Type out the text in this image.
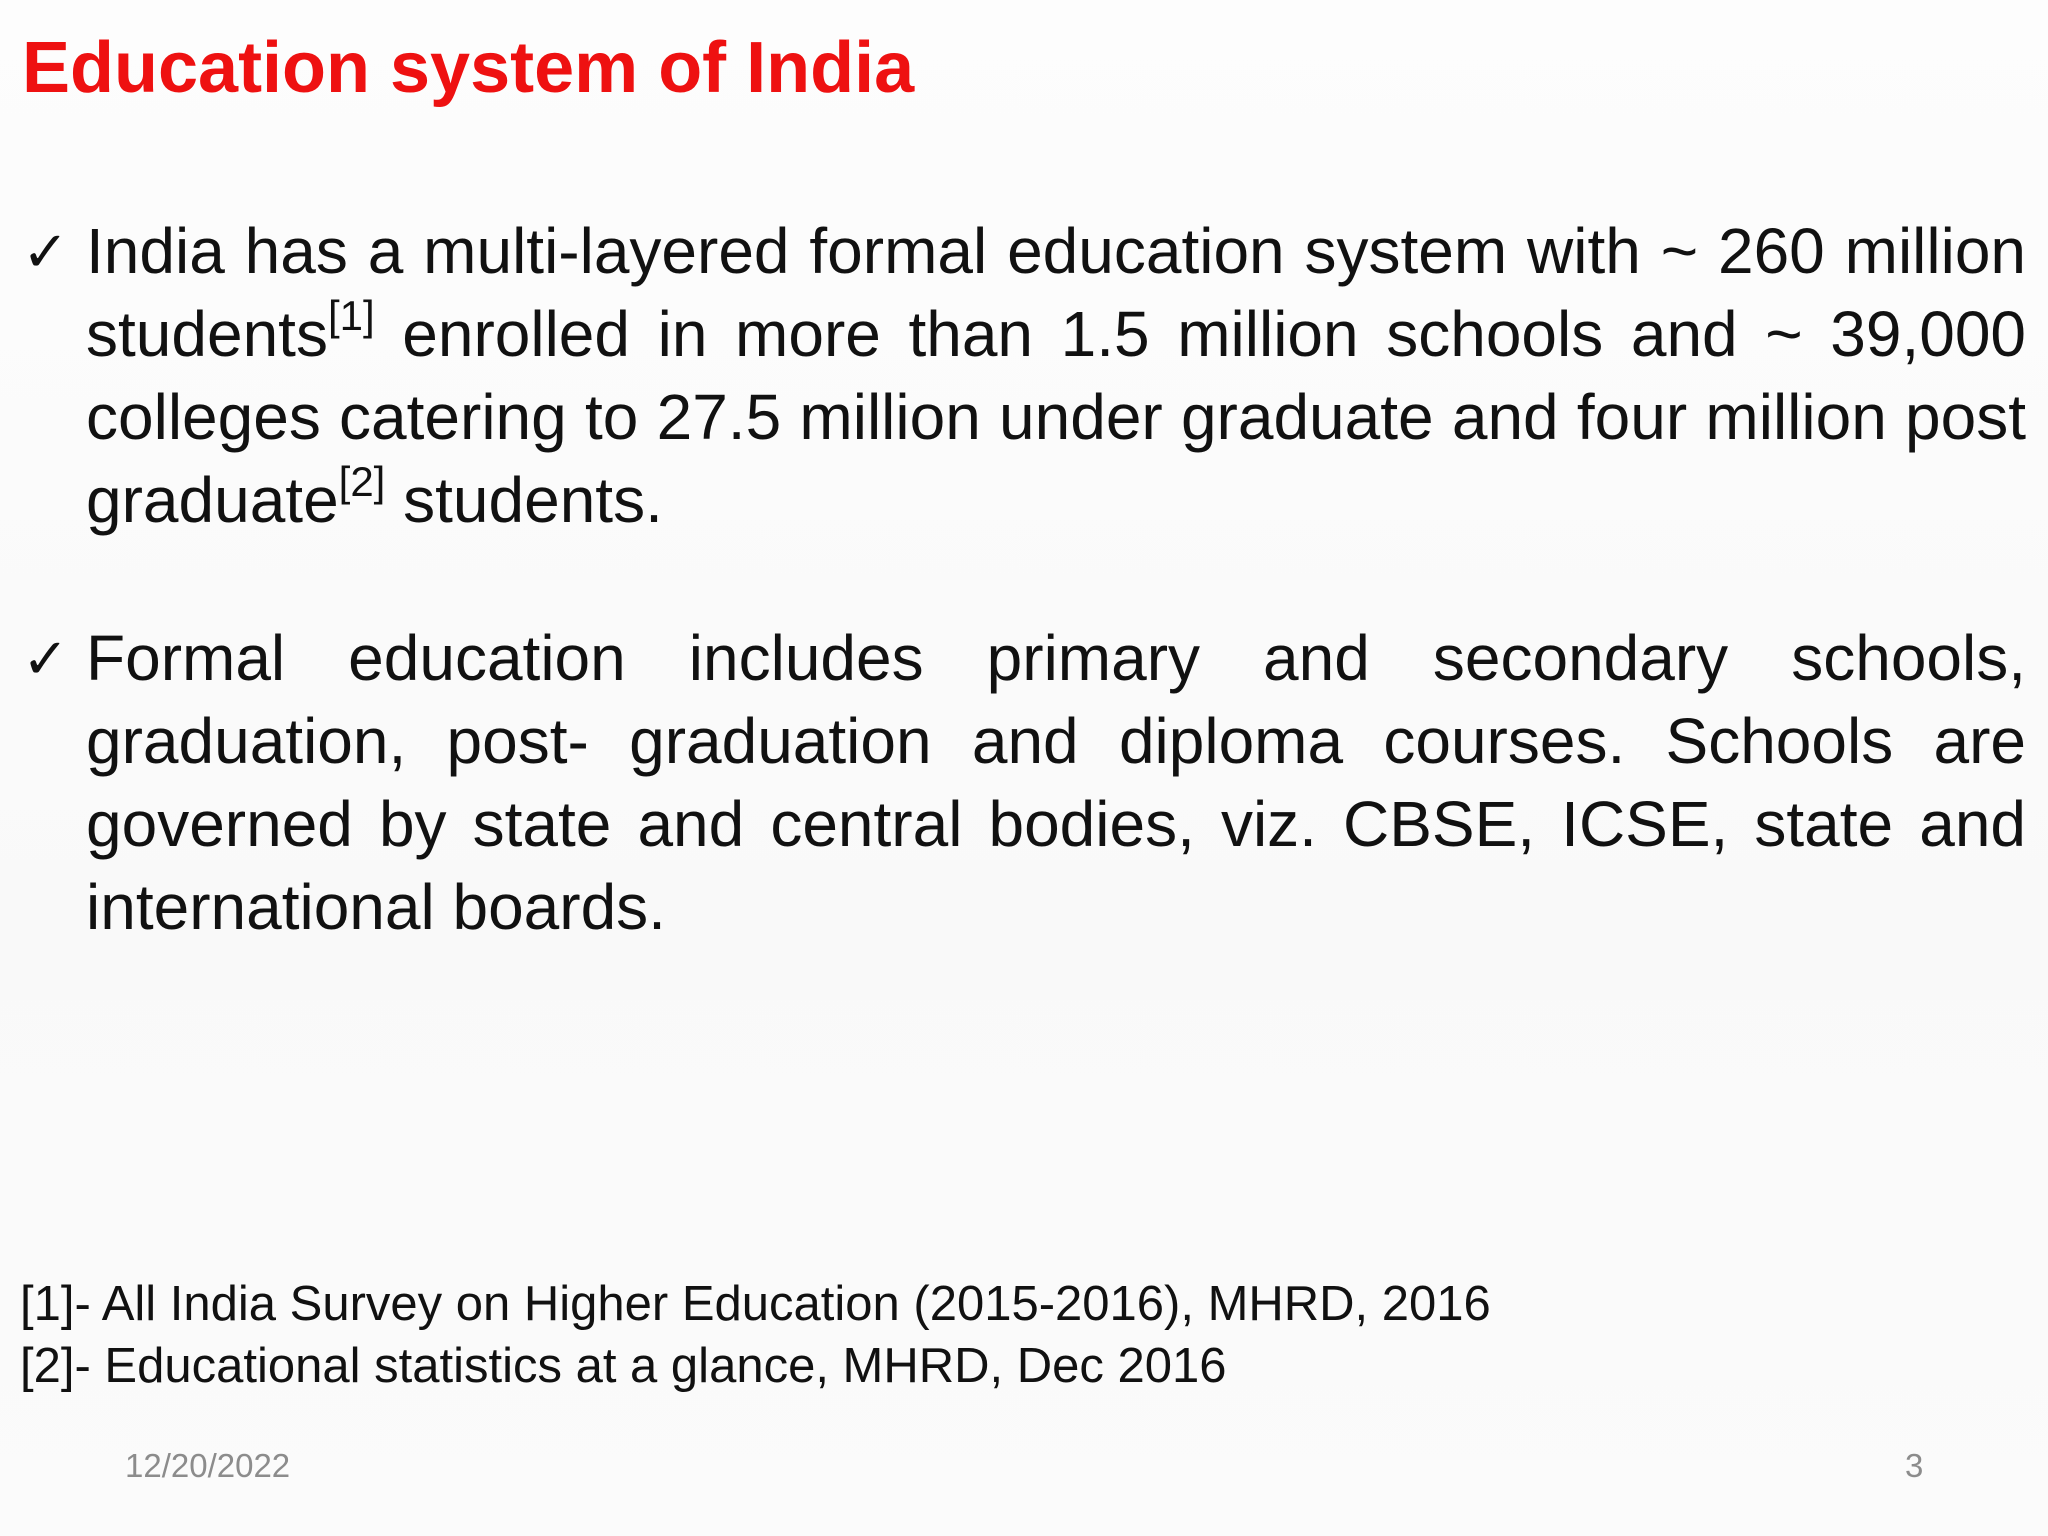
Education system of India
✓ India has a multi-layered formal education system with ~ 260 million students[1] enrolled in more than 1.5 million schools and ~ 39,000 colleges catering to 27.5 million under graduate and four million post graduate[2] students.
✓ Formal education includes primary and secondary schools, graduation, post- graduation and diploma courses. Schools are governed by state and central bodies, viz. CBSE, ICSE, state and international boards.
[1]- All India Survey on Higher Education (2015-2016), MHRD, 2016
[2]- Educational statistics at a glance, MHRD, Dec 2016
12/20/2022	3
